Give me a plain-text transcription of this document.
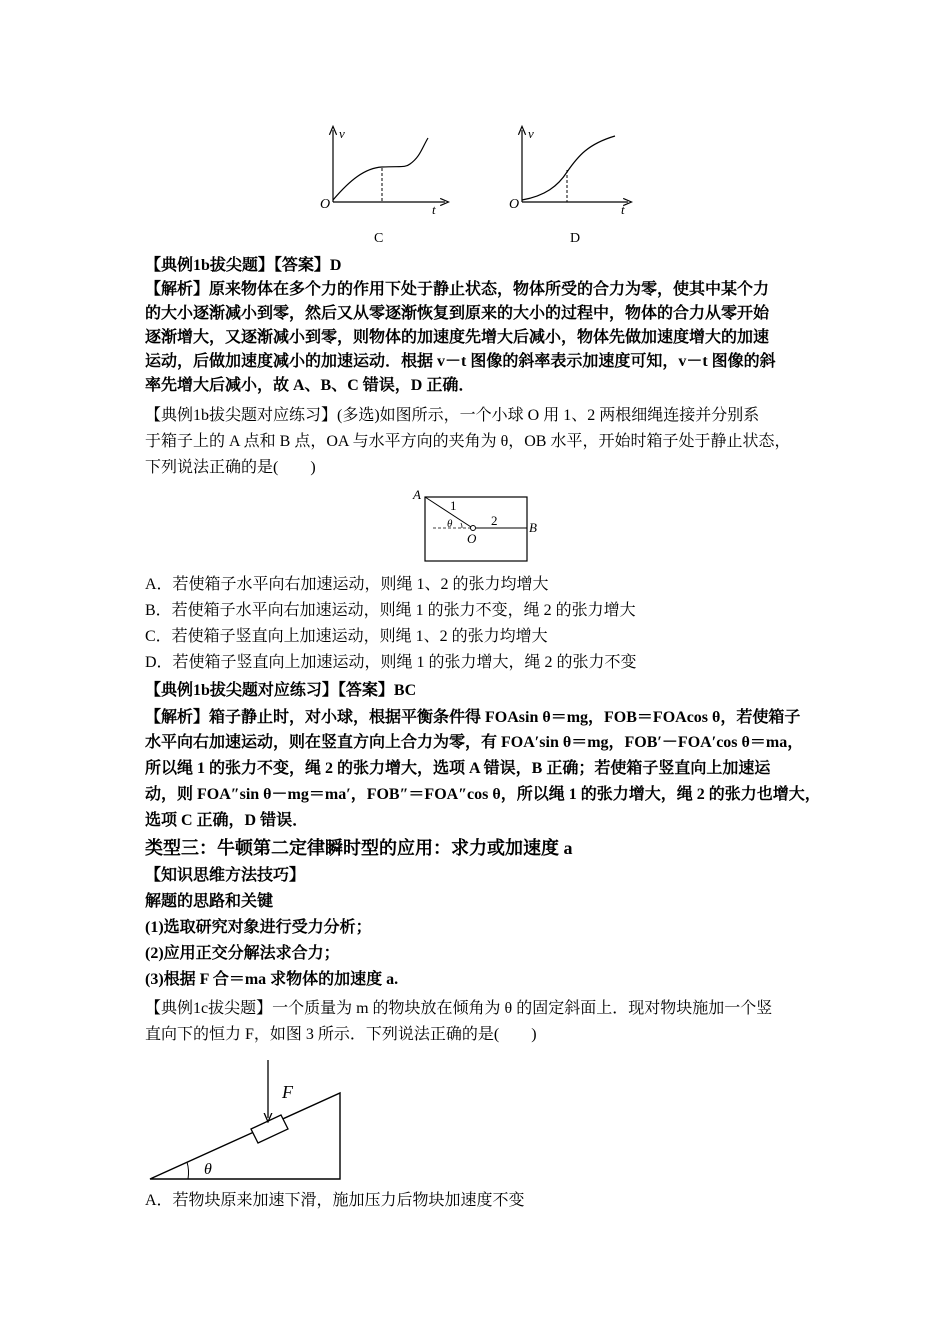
v
O	t
C
v
O	t
D
【典例1b拔尖题】【答案】D
【解析】原来物体在多个力的作用下处于静止状态，物体所受的合力为零，使其中某个力
的大小逐渐减小到零，然后又从零逐渐恢复到原来的大小的过程中，物体的合力从零开始
逐渐增大，又逐渐减小到零，则物体的加速度先增大后减小，物体先做加速度增大的加速
运动，后做加速度减小的加速运动．根据 v－t 图像的斜率表示加速度可知，v－t 图像的斜
率先增大后减小，故 A、B、C 错误，D 正确．
【典例1b拔尖题对应练习】(多选)如图所示，一个小球 O 用 1、2 两根细绳连接并分别系
于箱子上的 A 点和 B 点，OA 与水平方向的夹角为 θ，OB 水平，开始时箱子处于静止状态，
下列说法正确的是(　　)
A
1
θ	2 B
O
A．若使箱子水平向右加速运动，则绳 1、2 的张力均增大
B．若使箱子水平向右加速运动，则绳 1 的张力不变，绳 2 的张力增大
C．若使箱子竖直向上加速运动，则绳 1、2 的张力均增大
D．若使箱子竖直向上加速运动，则绳 1 的张力增大，绳 2 的张力不变
【典例1b拔尖题对应练习】【答案】BC
【解析】箱子静止时，对小球，根据平衡条件得 FOAsin θ＝mg，FOB＝FOAcos θ，若使箱子
水平向右加速运动，则在竖直方向上合力为零，有 FOA′sin θ＝mg，FOB′－FOA′cos θ＝ma，
所以绳 1 的张力不变，绳 2 的张力增大，选项 A 错误，B 正确；若使箱子竖直向上加速运
动，则 FOA″sin θ－mg＝ma′，FOB″＝FOA″cos θ，所以绳 1 的张力增大，绳 2 的张力也增大，
选项 C 正确，D 错误．
类型三：牛顿第二定律瞬时型的应用：求力或加速度 a
【知识思维方法技巧】
解题的思路和关键
(1)选取研究对象进行受力分析；
(2)应用正交分解法求合力；
(3)根据 F 合＝ma 求物体的加速度 a.
【典例1c拔尖题】一个质量为 m 的物块放在倾角为 θ 的固定斜面上．现对物块施加一个竖
直向下的恒力 F，如图 3 所示．下列说法正确的是(　　)
F
θ
A．若物块原来加速下滑，施加压力后物块加速度不变
